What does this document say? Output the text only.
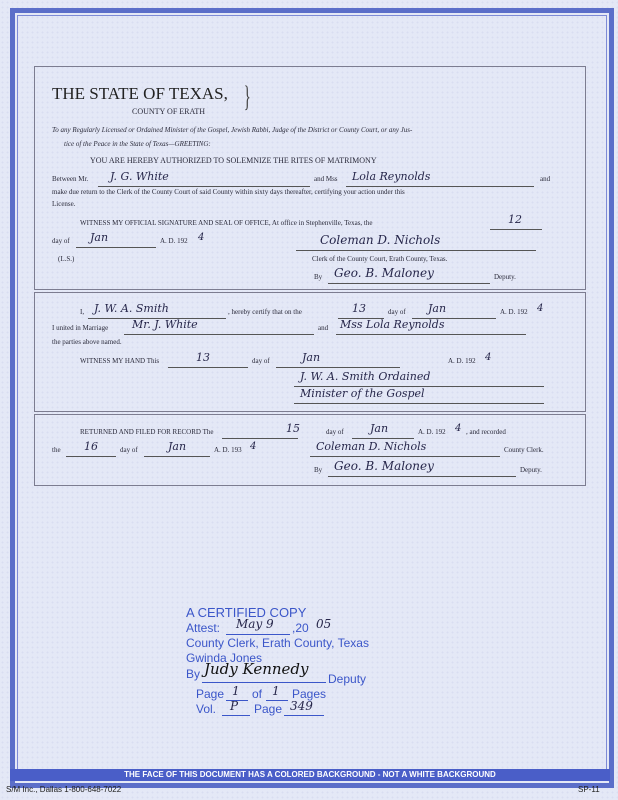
THE STATE OF TEXAS, }
COUNTY OF ERATH
To any Regularly Licensed or Ordained Minister of the Gospel, Jewish Rabbi, Judge of the District or County Court, or any Jus-
tice of the Peace in the State of Texas—GREETING:
YOU ARE HEREBY AUTHORIZED TO SOLEMNIZE THE RITES OF MATRIMONY
Between Mr. J. G. White	and Mss Lola Reynolds	and
make due return to the Clerk of the County Court of said County within sixty days thereafter, certifying your action under this
License.
WITNESS MY OFFICIAL SIGNATURE AND SEAL OF OFFICE, At office in Stephenville, Texas, the	12
day of Jan	A. D. 192 4	Coleman D. Nichols
(L.S.)	Clerk of the County Court, Erath County, Texas.
By Geo. B. Maloney	Deputy.
I, J. W. A. Smith	, hereby certify that on the	13	day of Jan	A. D. 192 4
I united in Marriage Mr. J. White	and Mss Lola Reynolds
the parties above named.
WITNESS MY HAND This	13	day of	Jan	A. D. 192 4
J. W. A. Smith Ordained
Minister of the Gospel
RETURNED AND FILED FOR RECORD The	15	day of Jan	A. D. 192 4 , and recorded
the 16	day of	Jan	A. D. 193 4	Coleman D. Nichols	County Clerk.
By Geo. B. Maloney	Deputy.
A CERTIFIED COPY
Attest: May 9 ,20 05
County Clerk, Erath County, Texas
Gwinda Jones
By Judy Kennedy
Deputy
Page 1 of 1 Pages
Vol. P Page 349
THE FACE OF THIS DOCUMENT HAS A COLORED BACKGROUND - NOT A WHITE BACKGROUND
S/M Inc., Dallas 1-800-648-7022	SP-11
